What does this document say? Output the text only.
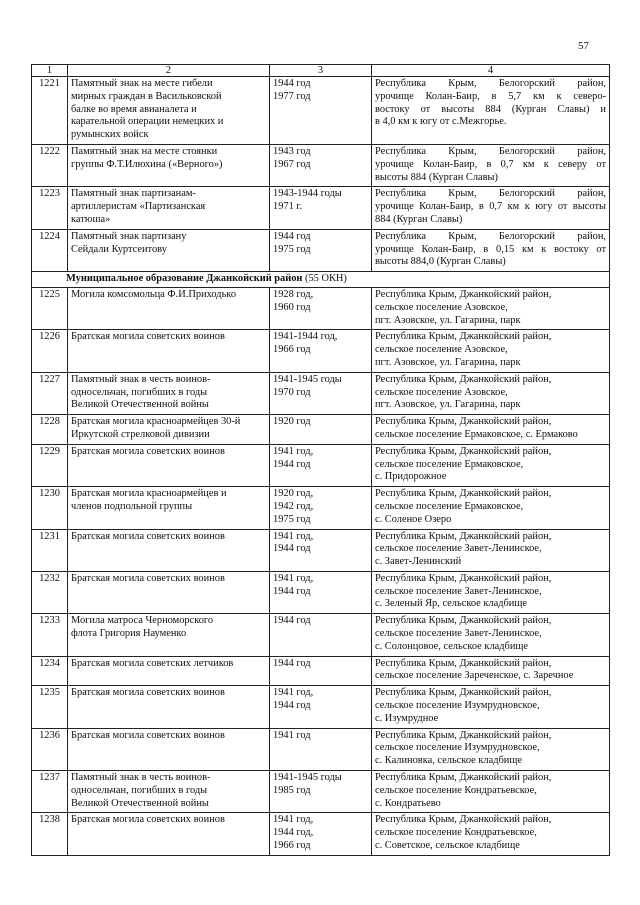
57
1	2	3	4
1221	Памятный знак на месте гибели
мирных граждан в Васильковской
балке во время авианалета и
карательной операции немецких и
румынских войск	1944 год
1977 год	Республика Крым, Белогорский район,
урочище Колан-Баир, в 5,7 км к северо-
востоку от высоты 884 (Курган Славы) и
в 4,0 км к югу от с.Межгорье.

1222	Памятный знак на месте стоянки
группы Ф.Т.Илюхина («Верного»)	1943 год
1967 год	Республика Крым, Белогорский район,
урочище Колан-Баир, в 0,7 км к северу от
высоты 884 (Курган Славы)

1223	Памятный знак партизанам-
артиллеристам «Партизанская
катюша»	1943-1944 годы
1971 г.	Республика Крым, Белогорский район,
урочище Колан-Баир, в 0,7 км к югу от высоты
884 (Курган Славы)

1224	Памятный знак партизану
Сейдали Куртсеитову	1944 год
1975 год	Республика Крым, Белогорский район,
урочище Колан-Баир, в 0,15 км к востоку от
высоты 884,0 (Курган Славы)

Муниципальное образование Джанкойский район (55 ОКН)			
1225	Могила комсомольца Ф.И.Приходько	1928 год,
1960 год	Республика Крым, Джанкойский район,
сельское поселение Азовское,
пгт. Азовское, ул. Гагарина, парк

1226	Братская могила советских воинов	1941-1944 год,
1966 год	Республика Крым, Джанкойский район,
сельское поселение Азовское,
пгт. Азовское, ул. Гагарина, парк

1227	Памятный знак в честь воинов-
односельчан, погибших в годы
Великой Отечественной войны	1941-1945 годы
1970 год	Республика Крым, Джанкойский район,
сельское поселение Азовское,
пгт. Азовское, ул. Гагарина, парк

1228	Братская могила красноармейцев 30-й
Иркутской стрелковой дивизии	1920 год	Республика Крым, Джанкойский район,
сельское поселение Ермаковское, с. Ермаково

1229	Братская могила советских воинов	1941 год,
1944 год	Республика Крым, Джанкойский район,
сельское поселение Ермаковское,
с. Придорожное

1230	Братская могила красноармейцев и
членов подпольной группы	1920 год,
1942 год,
1975 год	Республика Крым, Джанкойский район,
сельское поселение Ермаковское,
с. Соленое Озеро

1231	Братская могила советских воинов	1941 год,
1944 год	Республика Крым, Джанкойский район,
сельское поселение Завет-Ленинское,
с. Завет-Ленинский

1232	Братская могила советских воинов	1941 год,
1944 год	Республика Крым, Джанкойский район,
сельское поселение Завет-Ленинское,
с. Зеленый Яр, сельское кладбище

1233	Могила матроса Черноморского
флота Григория Науменко	1944 год	Республика Крым, Джанкойский район,
сельское поселение Завет-Ленинское,
с. Солонцовое, сельское кладбище

1234	Братская могила советских летчиков	1944 год	Республика Крым, Джанкойский район,
сельское поселение Зареченское, с. Заречное

1235	Братская могила советских воинов	1941 год,
1944 год	Республика Крым, Джанкойский район,
сельское поселение Изумрудновское,
с. Изумрудное

1236	Братская могила советских воинов	1941 год	Республика Крым, Джанкойский район,
сельское поселение Изумрудновское,
с. Калиновка, сельское кладбище

1237	Памятный знак в честь воинов-
односельчан, погибших в годы
Великой Отечественной войны	1941-1945 годы
1985 год	Республика Крым, Джанкойский район,
сельское поселение Кондратьевское,
с. Кондратьево

1238	Братская могила советских воинов	1941 год,
1944 год,
1966 год	Республика Крым, Джанкойский район,
сельское поселение Кондратьевское,
с. Советское, сельское кладбище
